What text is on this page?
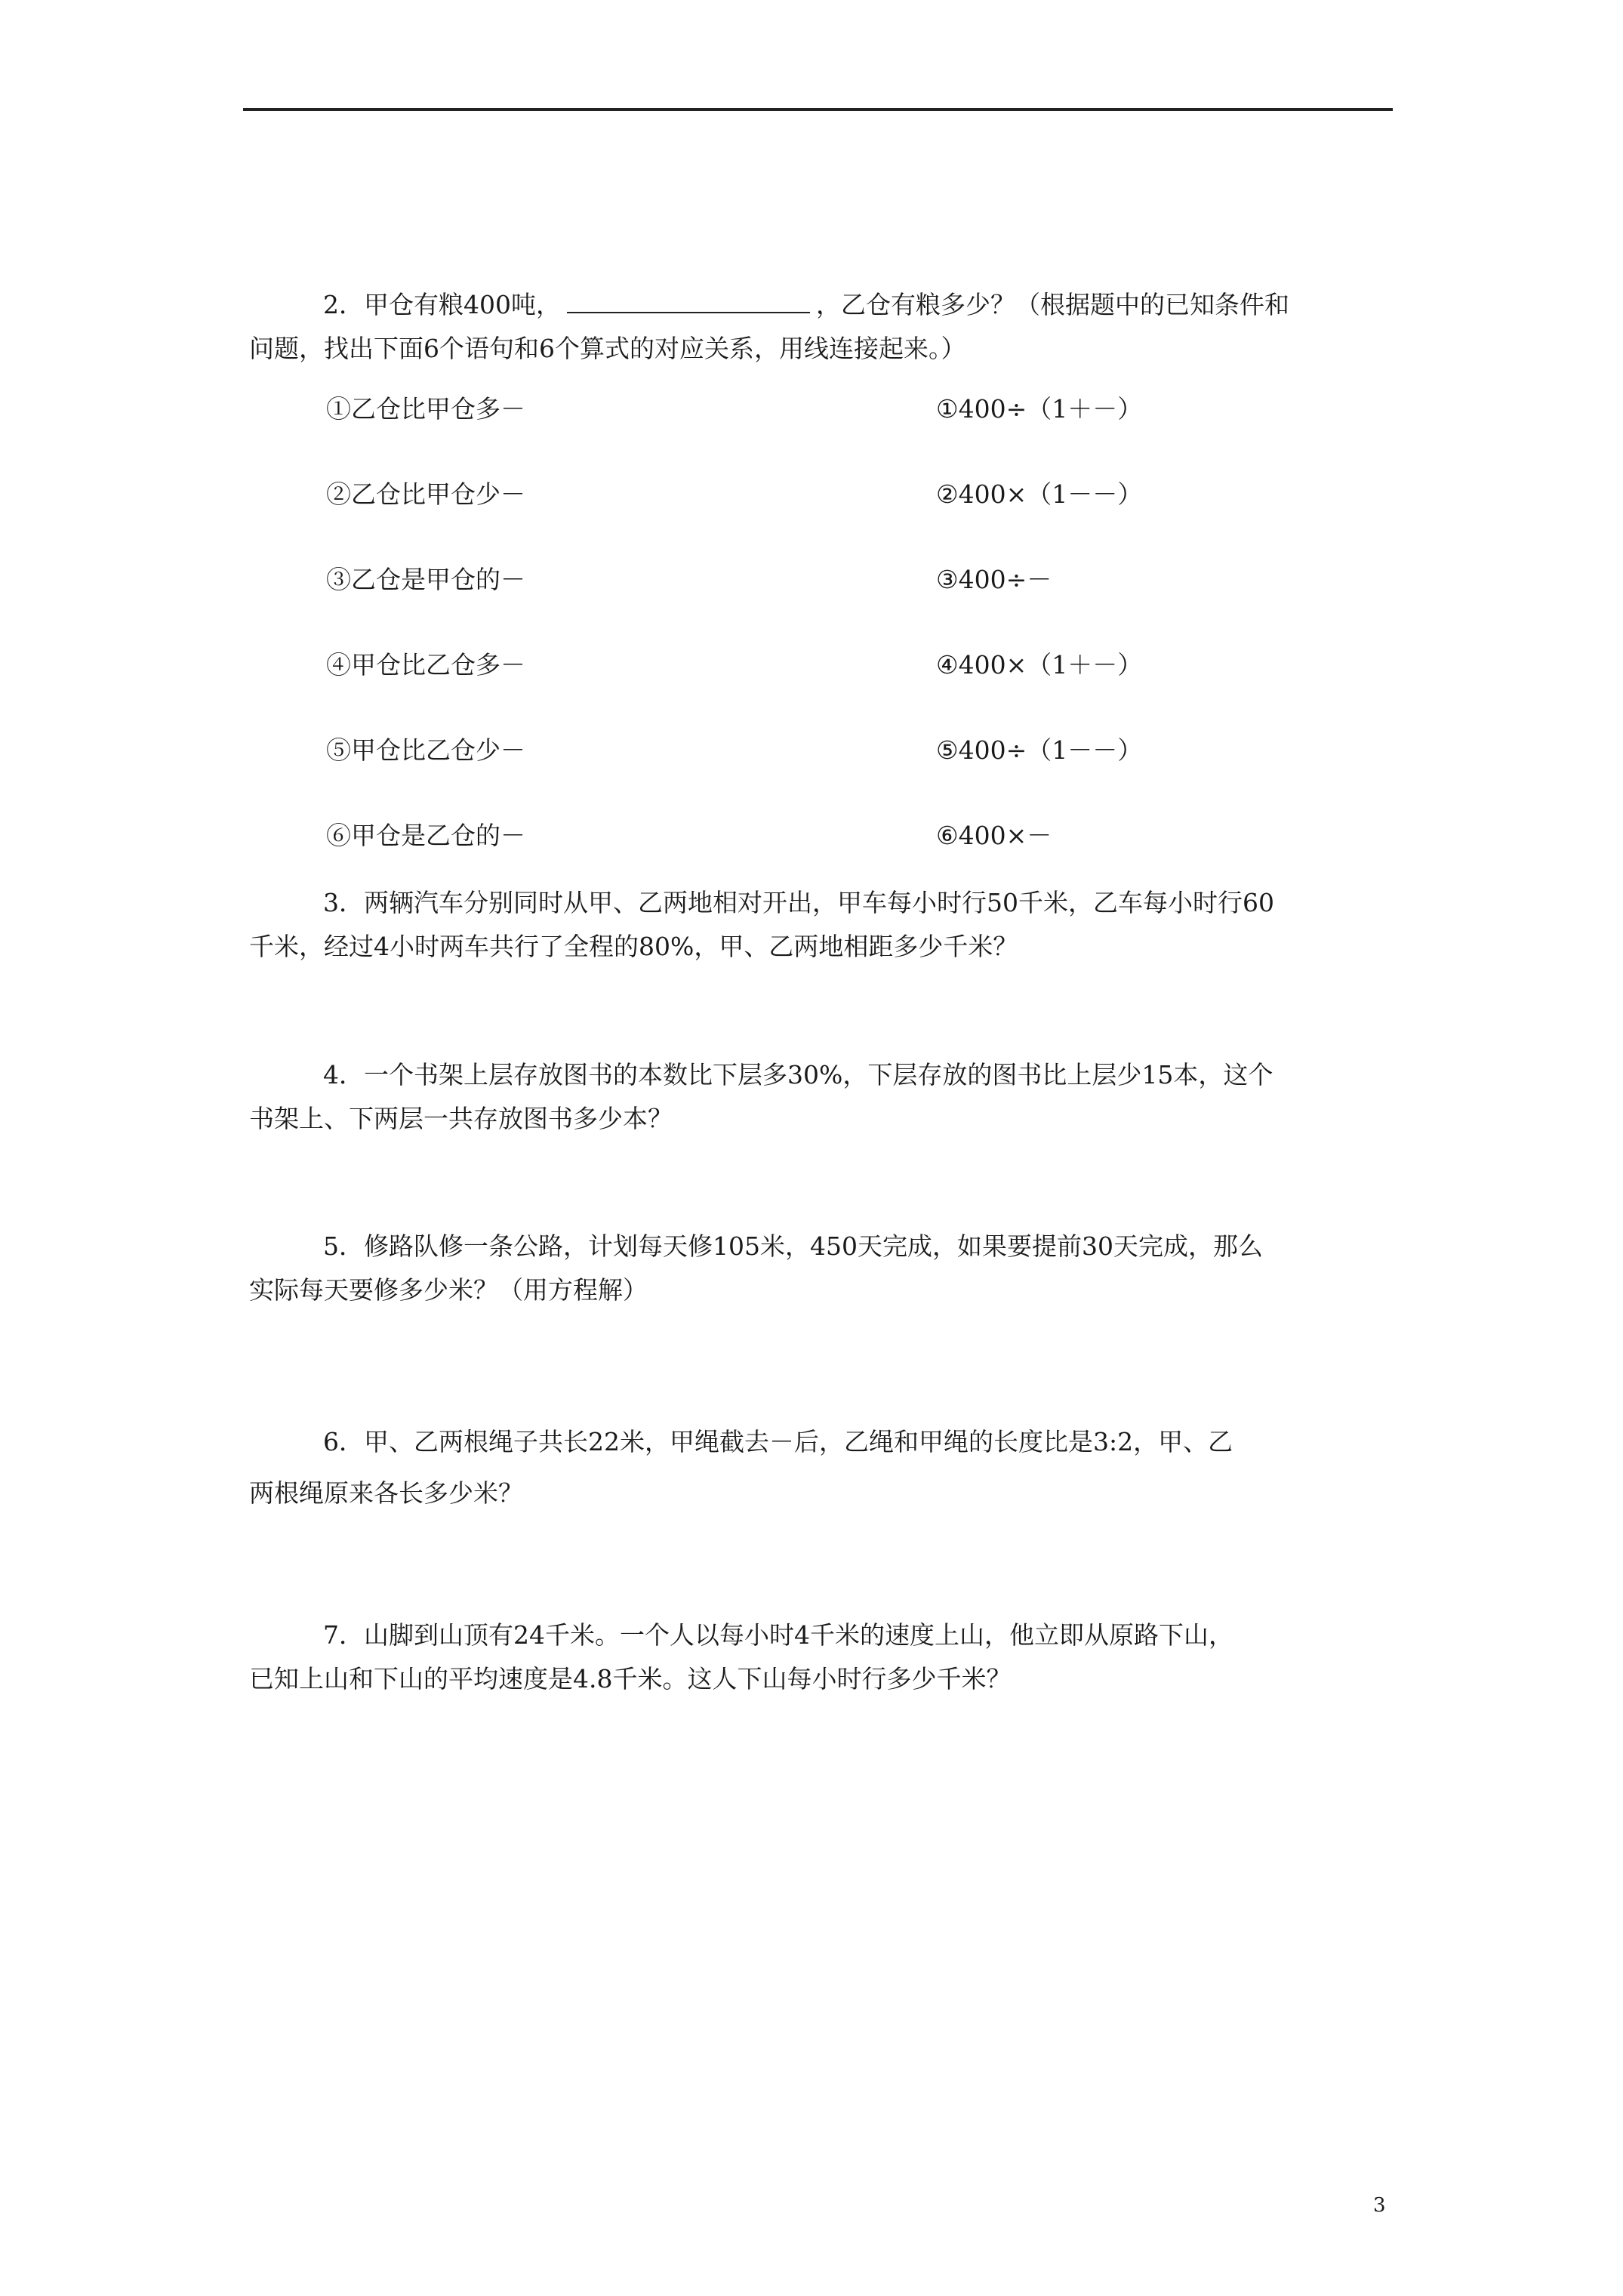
2．甲仓有粮400吨，	，乙仓有粮多少？（根据题中的已知条件和
问题，找出下面6个语句和6个算式的对应关系，用线连接起来。）
①乙仓比甲仓多－	①400÷（1＋－）
②乙仓比甲仓少－	②400×（1－－）
③乙仓是甲仓的－	③400÷－
④甲仓比乙仓多－	④400×（1＋－）
⑤甲仓比乙仓少－	⑤400÷（1－－）
⑥甲仓是乙仓的－	⑥400×－
3．两辆汽车分别同时从甲、乙两地相对开出，甲车每小时行50千米，乙车每小时行60
千米，经过4小时两车共行了全程的80%，甲、乙两地相距多少千米？
4．一个书架上层存放图书的本数比下层多30%，下层存放的图书比上层少15本，这个
书架上、下两层一共存放图书多少本？
5．修路队修一条公路，计划每天修105米，450天完成，如果要提前30天完成，那么
实际每天要修多少米？（用方程解）
6．甲、乙两根绳子共长22米，甲绳截去－后，乙绳和甲绳的长度比是3:2，甲、乙
两根绳原来各长多少米？
7．山脚到山顶有24千米。一个人以每小时4千米的速度上山，他立即从原路下山，
已知上山和下山的平均速度是4.8千米。这人下山每小时行多少千米？
3
